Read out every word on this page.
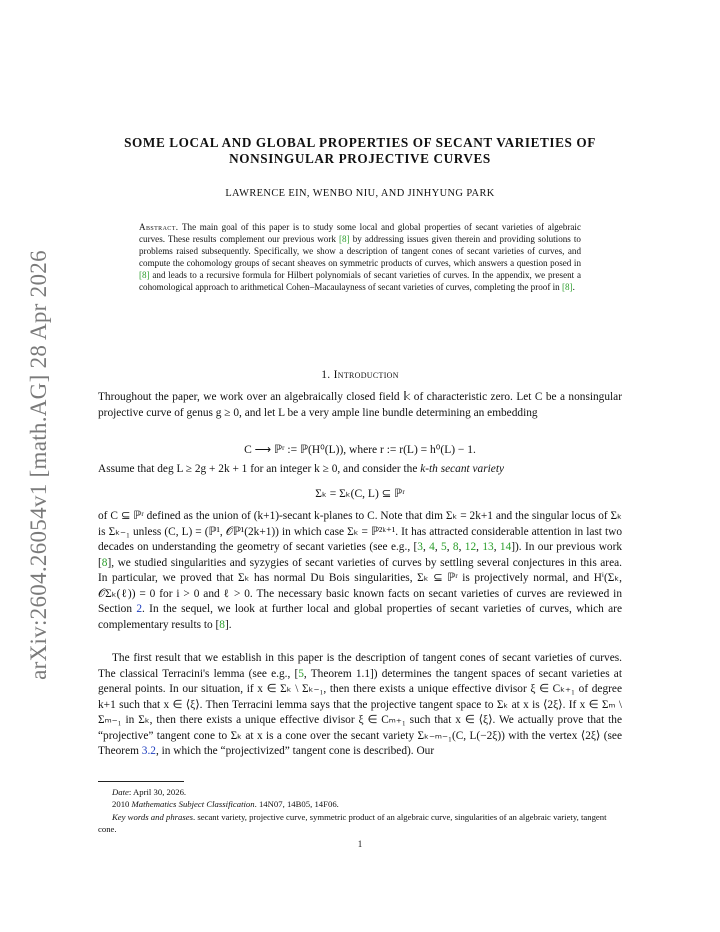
arXiv:2604.26054v1 [math.AG] 28 Apr 2026
SOME LOCAL AND GLOBAL PROPERTIES OF SECANT VARIETIES OF NONSINGULAR PROJECTIVE CURVES
LAWRENCE EIN, WENBO NIU, AND JINHYUNG PARK
Abstract. The main goal of this paper is to study some local and global properties of secant varieties of algebraic curves. These results complement our previous work [8] by addressing issues given therein and providing solutions to problems raised subsequently. Specifically, we show a description of tangent cones of secant varieties of curves, and compute the cohomology groups of secant sheaves on symmetric products of curves, which answers a question posed in [8] and leads to a recursive formula for Hilbert polynomials of secant varieties of curves. In the appendix, we present a cohomological approach to arithmetical Cohen–Macaulayness of secant varieties of curves, completing the proof in [8].
1. Introduction
Throughout the paper, we work over an algebraically closed field 𝕜 of characteristic zero. Let C be a nonsingular projective curve of genus g ≥ 0, and let L be a very ample line bundle determining an embedding
C ⟶ ℙʳ := ℙ(H⁰(L)), where r := r(L) = h⁰(L) − 1.
Assume that deg L ≥ 2g + 2k + 1 for an integer k ≥ 0, and consider the k-th secant variety
Σₖ = Σₖ(C, L) ⊆ ℙʳ
of C ⊆ ℙʳ defined as the union of (k+1)-secant k-planes to C. Note that dim Σₖ = 2k+1 and the singular locus of Σₖ is Σₖ₋₁ unless (C, L) = (ℙ¹, 𝒪ℙ¹(2k+1)) in which case Σₖ = ℙ²ᵏ⁺¹. It has attracted considerable attention in last two decades on understanding the geometry of secant varieties (see e.g., [3, 4, 5, 8, 12, 13, 14]). In our previous work [8], we studied singularities and syzygies of secant varieties of curves by settling several conjectures in this area. In particular, we proved that Σₖ has normal Du Bois singularities, Σₖ ⊆ ℙʳ is projectively normal, and Hⁱ(Σₖ, 𝒪Σₖ(ℓ)) = 0 for i > 0 and ℓ > 0. The necessary basic known facts on secant varieties of curves are reviewed in Section 2. In the sequel, we look at further local and global properties of secant varieties of curves, which are complementary results to [8].
The first result that we establish in this paper is the description of tangent cones of secant varieties of curves. The classical Terracini's lemma (see e.g., [5, Theorem 1.1]) determines the tangent spaces of secant varieties at general points. In our situation, if x ∈ Σₖ \ Σₖ₋₁, then there exists a unique effective divisor ξ ∈ Cₖ₊₁ of degree k+1 such that x ∈ ⟨ξ⟩. Then Terracini lemma says that the projective tangent space to Σₖ at x is ⟨2ξ⟩. If x ∈ Σₘ \ Σₘ₋₁ in Σₖ, then there exists a unique effective divisor ξ ∈ Cₘ₊₁ such that x ∈ ⟨ξ⟩. We actually prove that the “projective” tangent cone to Σₖ at x is a cone over the secant variety Σₖ₋ₘ₋₁(C, L(−2ξ)) with the vertex ⟨2ξ⟩ (see Theorem 3.2, in which the “projectivized” tangent cone is described). Our

Date: April 30, 2026.

2010 Mathematics Subject Classification. 14N07, 14B05, 14F06.

Key words and phrases. secant variety, projective curve, symmetric product of an algebraic curve, singularities of an algebraic variety, tangent cone.

1
